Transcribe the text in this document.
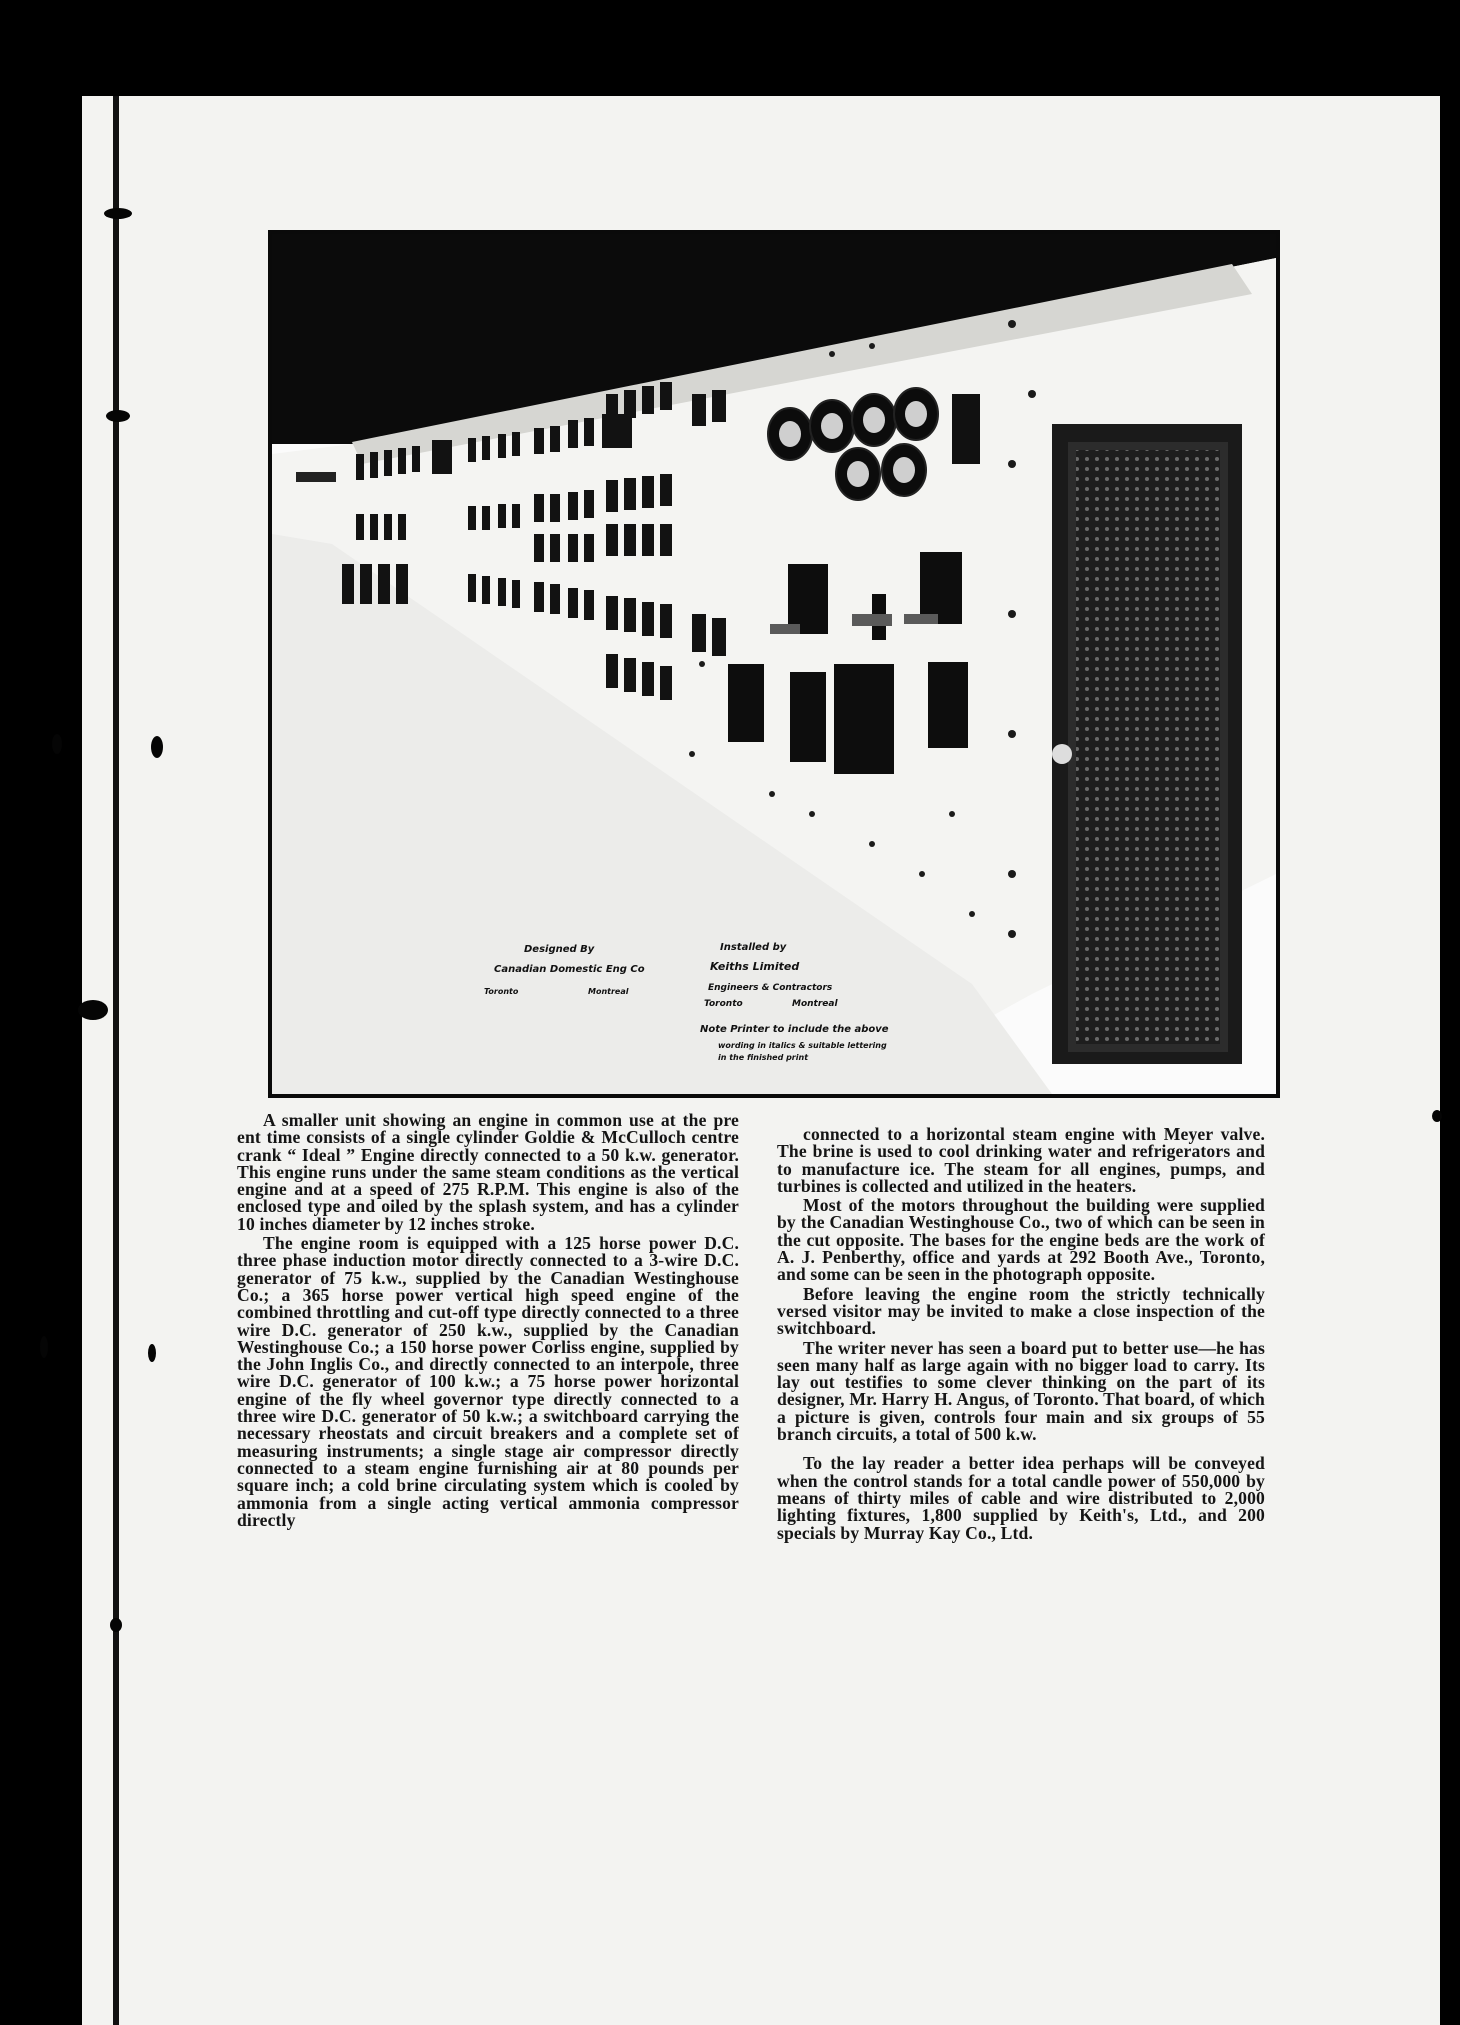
Designed By
Canadian Domestic Eng Co
Toronto	Montreal
Installed by
Keiths Limited
Engineers & Contractors
Toronto	Montreal
Note Printer to include the above
wording in italics & suitable lettering
in the finished print

A smaller unit showing an engine in common use at the pre ent time consists of a single cylinder Goldie & McCulloch centre crank “ Ideal ” Engine directly connected to a 50 k.w. generator. This engine runs under the same steam conditions as the vertical engine and at a speed of 275 R.P.M. This engine is also of the enclosed type and oiled by the splash system, and has a cylinder 10 inches diameter by 12 inches stroke.

The engine room is equipped with a 125 horse power D.C. three phase induction motor directly connected to a 3-wire D.C. generator of 75 k.w., supplied by the Canadian Westinghouse Co.; a 365 horse power vertical high speed engine of the combined throttling and cut-off type directly connected to a three wire D.C. generator of 250 k.w., supplied by the Canadian Westinghouse Co.; a 150 horse power Corliss engine, supplied by the John Inglis Co., and directly connected to an interpole, three wire D.C. generator of 100 k.w.; a 75 horse power horizontal engine of the fly wheel governor type directly connected to a three wire D.C. generator of 50 k.w.; a switchboard carrying the necessary rheostats and circuit breakers and a complete set of measuring instruments; a single stage air compressor directly connected to a steam engine furnishing air at 80 pounds per square inch; a cold brine circulating system which is cooled by ammonia from a single acting vertical ammonia compressor directly

connected to a horizontal steam engine with Meyer valve. The brine is used to cool drinking water and refrigerators and to manufacture ice. The steam for all engines, pumps, and turbines is collected and utilized in the heaters.

Most of the motors throughout the building were supplied by the Canadian Westinghouse Co., two of which can be seen in the cut opposite. The bases for the engine beds are the work of A. J. Penberthy, office and yards at 292 Booth Ave., Toronto, and some can be seen in the photograph opposite.

Before leaving the engine room the strictly technically versed visitor may be invited to make a close inspection of the switchboard.

The writer never has seen a board put to better use—he has seen many half as large again with no bigger load to carry. Its lay out testifies to some clever thinking on the part of its designer, Mr. Harry H. Angus, of Toronto. That board, of which a picture is given, controls four main and six groups of 55 branch circuits, a total of 500 k.w.

To the lay reader a better idea perhaps will be conveyed when the control stands for a total candle power of 550,000 by means of thirty miles of cable and wire distributed to 2,000 lighting fixtures, 1,800 supplied by Keith's, Ltd., and 200 specials by Murray Kay Co., Ltd.
